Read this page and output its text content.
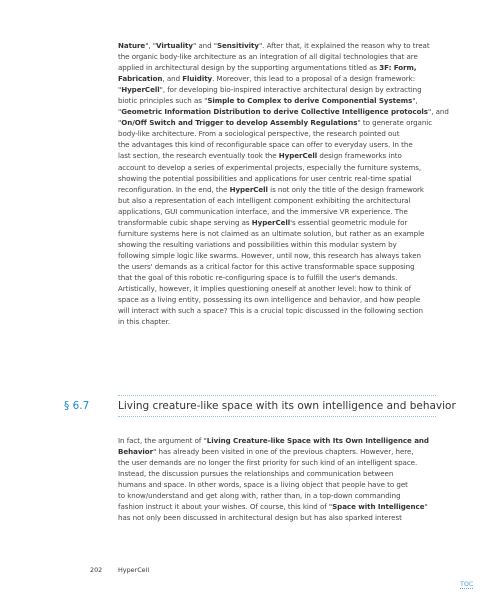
Nature", "Virtuality" and "Sensitivity". After that, it explained the reason why to treat
the organic body-like architecture as an integration of all digital technologies that are
applied in architectural design by the supporting argumentations titled as 3F: Form,
Fabrication, and Fluidity. Moreover, this lead to a proposal of a design framework:
"HyperCell", for developing bio-inspired interactive architectural design by extracting
biotic principles such as "Simple to Complex to derive Componential Systems",
"Geometric Information Distribution to derive Collective Intelligence protocols", and
"On/Off Switch and Trigger to develop Assembly Regulations" to generate organic
body-like architecture. From a sociological perspective, the research pointed out
the advantages this kind of reconfigurable space can offer to everyday users. In the
last section, the research eventually took the HyperCell design frameworks into
account to develop a series of experimental projects, especially the furniture systems,
showing the potential possibilities and applications for user centric real-time spatial
reconfiguration. In the end, the HyperCell is not only the title of the design framework
but also a representation of each intelligent component exhibiting the architectural
applications, GUI communication interface, and the immersive VR experience. The
transformable cubic shape serving as HyperCell's essential geometric module for
furniture systems here is not claimed as an ultimate solution, but rather as an example
showing the resulting variations and possibilities within this modular system by
following simple logic like swarms. However, until now, this research has always taken
the users' demands as a critical factor for this active transformable space supposing
that the goal of this robotic re-configuring space is to fulfill the user's demands.
Artistically, however, it implies questioning oneself at another level: how to think of
space as a living entity, possessing its own intelligence and behavior, and how people
will interact with such a space? This is a crucial topic discussed in the following section
in this chapter.
§ 6.7	Living creature-like space with its own intelligence and behavior
In fact, the argument of "Living Creature-like Space with Its Own Intelligence and
Behavior" has already been visited in one of the previous chapters. However, here,
the user demands are no longer the first priority for such kind of an intelligent space.
Instead, the discussion pursues the relationships and communication between
humans and space. In other words, space is a living object that people have to get
to know/understand and get along with, rather than, in a top-down commanding
fashion instruct it about your wishes. Of course, this kind of "Space with Intelligence"
has not only been discussed in architectural design but has also sparked interest
202 HyperCell
TOC
